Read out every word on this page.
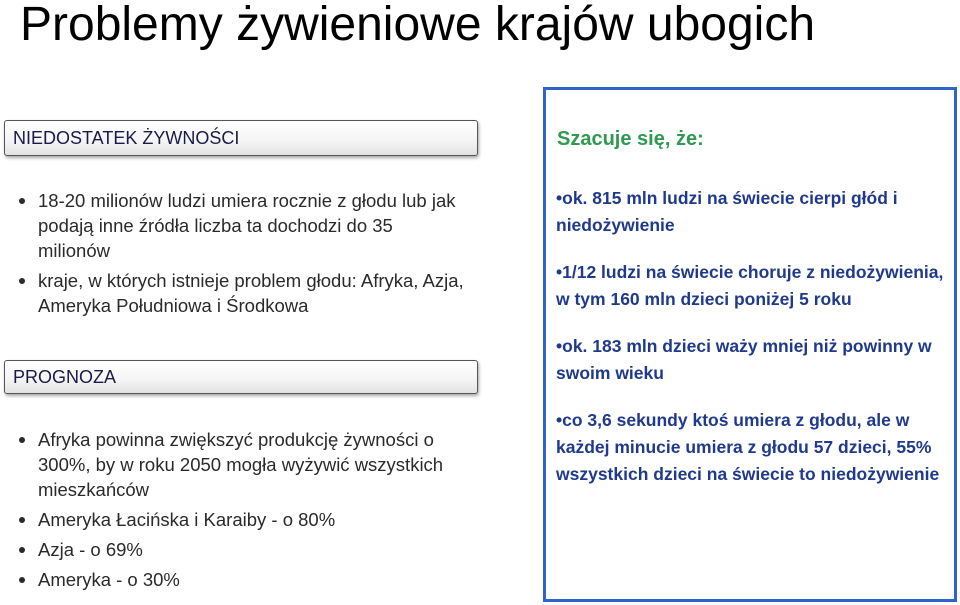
Problemy żywieniowe krajów ubogich
NIEDOSTATEK ŻYWNOŚCI
18-20 milionów ludzi umiera rocznie z głodu lub jak podają inne źródła liczba ta dochodzi do 35 milionów
kraje, w których istnieje problem głodu: Afryka, Azja, Ameryka Południowa i Środkowa
PROGNOZA
Afryka powinna zwiększyć produkcję żywności o 300%, by w roku 2050 mogła wyżywić wszystkich mieszkańców
Ameryka Łacińska i Karaiby - o 80%
Azja - o 69%
Ameryka - o 30%
Szacuje się, że:

•ok. 815 mln ludzi na świecie cierpi głód i niedożywienie

•1/12 ludzi na świecie choruje z niedożywienia, w tym 160 mln dzieci poniżej 5 roku

•ok. 183 mln dzieci waży mniej niż powinny w swoim wieku

•co 3,6 sekundy ktoś umiera z głodu, ale w każdej minucie umiera z głodu 57 dzieci, 55% wszystkich dzieci na świecie to niedożywienie
